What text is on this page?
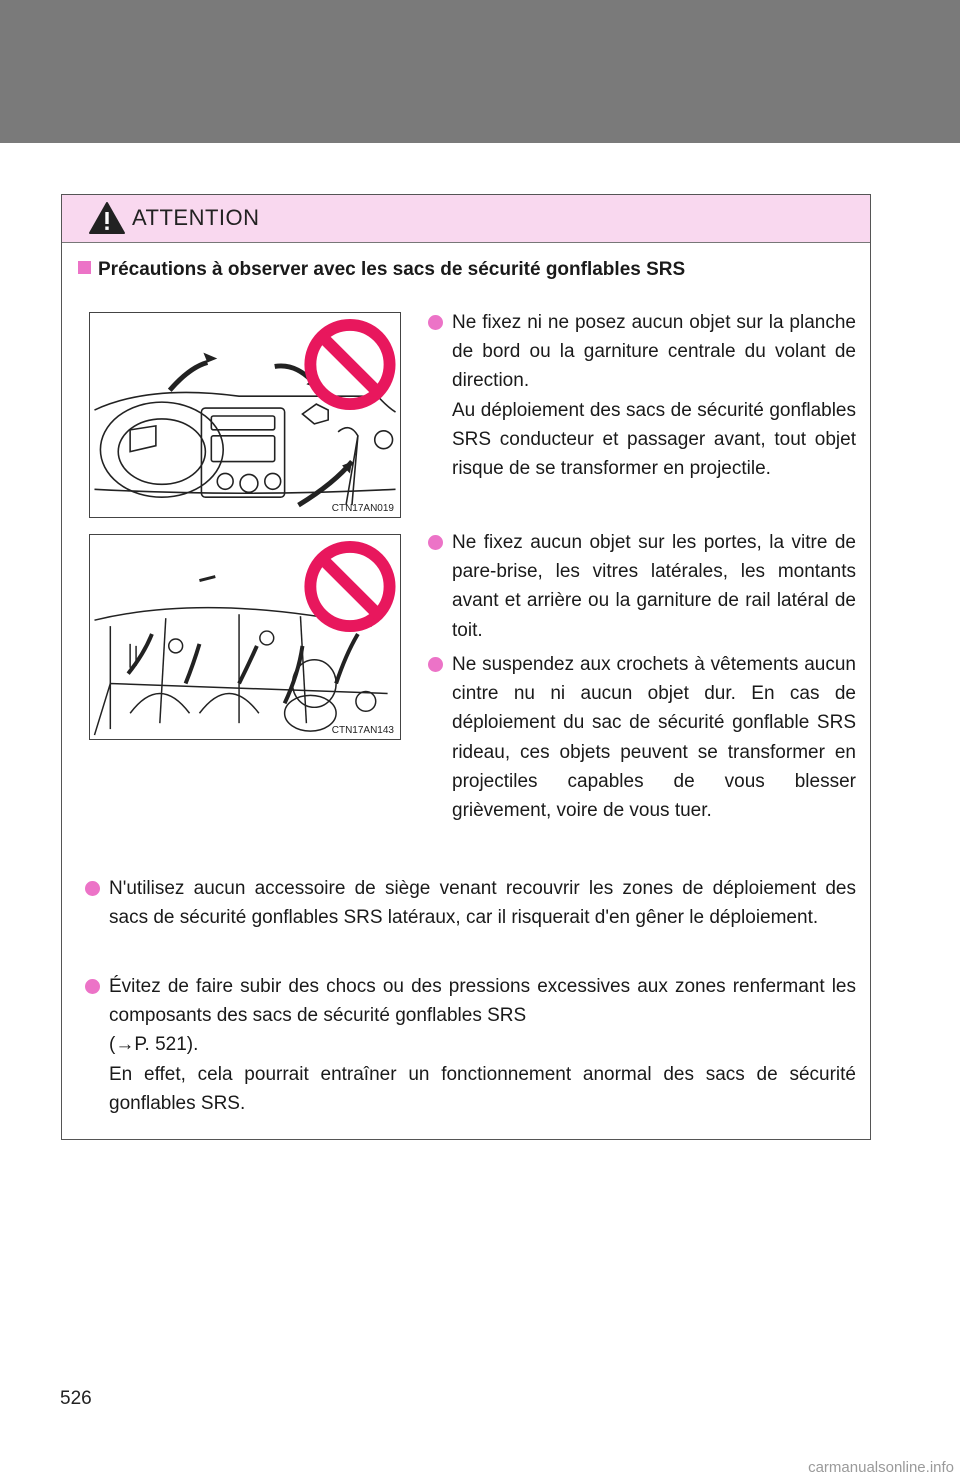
ATTENTION
Précautions à observer avec les sacs de sécurité gonflables SRS
CTN17AN019
CTN17AN143

Ne fixez ni ne posez aucun objet sur la planche de bord ou la garniture centrale du volant de direction.

Au déploiement des sacs de sécurité gonflables SRS conducteur et passager avant, tout objet risque de se transformer en projectile.

Ne fixez aucun objet sur les portes, la vitre de pare-brise, les vitres latérales, les montants avant et arrière ou la garniture de rail latéral de toit.

Ne suspendez aux crochets à vêtements aucun cintre nu ni aucun objet dur. En cas de déploiement du sac de sécurité gonflable SRS rideau, ces objets peuvent se transformer en projectiles capables de vous blesser grièvement, voire de vous tuer.

N'utilisez aucun accessoire de siège venant recouvrir les zones de déploiement des sacs de sécurité gonflables SRS latéraux, car il risquerait d'en gêner le déploiement.

Évitez de faire subir des chocs ou des pressions excessives aux zones renfermant les composants des sacs de sécurité gonflables SRS

(→P. 521).

En effet, cela pourrait entraîner un fonctionnement anormal des sacs de sécurité gonflables SRS.

526
carmanualsonline.info
